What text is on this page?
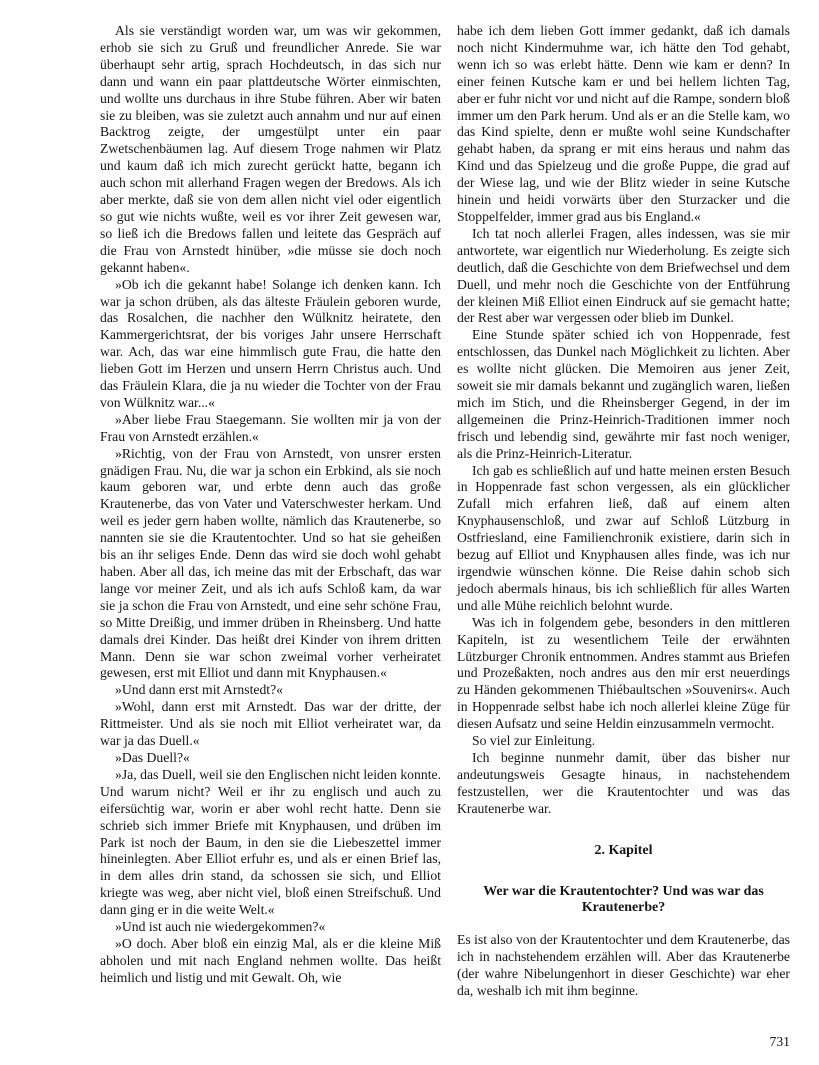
Als sie verständigt worden war, um was wir gekommen, erhob sie sich zu Gruß und freundlicher Anrede. Sie war überhaupt sehr artig, sprach Hochdeutsch, in das sich nur dann und wann ein paar plattdeutsche Wörter einmischten, und wollte uns durchaus in ihre Stube führen. Aber wir baten sie zu bleiben, was sie zuletzt auch annahm und nur auf einen Backtrog zeigte, der umgestülpt unter ein paar Zwetschenbäumen lag. Auf diesem Troge nahmen wir Platz und kaum daß ich mich zurecht gerückt hatte, begann ich auch schon mit allerhand Fragen wegen der Bredows. Als ich aber merkte, daß sie von dem allen nicht viel oder eigentlich so gut wie nichts wußte, weil es vor ihrer Zeit gewesen war, so ließ ich die Bredows fallen und leitete das Gespräch auf die Frau von Arnstedt hinüber, »die müsse sie doch noch gekannt haben«.

»Ob ich die gekannt habe! Solange ich denken kann. Ich war ja schon drüben, als das älteste Fräulein geboren wurde, das Rosalchen, die nachher den Wülknitz heiratete, den Kammergerichtsrat, der bis voriges Jahr unsere Herrschaft war. Ach, das war eine himmlisch gute Frau, die hatte den lieben Gott im Herzen und unsern Herrn Christus auch. Und das Fräulein Klara, die ja nu wieder die Tochter von der Frau von Wülknitz war...«

»Aber liebe Frau Staegemann. Sie wollten mir ja von der Frau von Arnstedt erzählen.«

»Richtig, von der Frau von Arnstedt, von unsrer ersten gnädigen Frau. Nu, die war ja schon ein Erbkind, als sie noch kaum geboren war, und erbte denn auch das große Krautenerbe, das von Vater und Vaterschwester herkam. Und weil es jeder gern haben wollte, nämlich das Krautenerbe, so nannten sie sie die Krautentochter. Und so hat sie geheißen bis an ihr seliges Ende. Denn das wird sie doch wohl gehabt haben. Aber all das, ich meine das mit der Erbschaft, das war lange vor meiner Zeit, und als ich aufs Schloß kam, da war sie ja schon die Frau von Arnstedt, und eine sehr schöne Frau, so Mitte Dreißig, und immer drüben in Rheinsberg. Und hatte damals drei Kinder. Das heißt drei Kinder von ihrem dritten Mann. Denn sie war schon zweimal vorher verheiratet gewesen, erst mit Elliot und dann mit Knyphausen.«

»Und dann erst mit Arnstedt?«

»Wohl, dann erst mit Arnstedt. Das war der dritte, der Rittmeister. Und als sie noch mit Elliot verheiratet war, da war ja das Duell.«

»Das Duell?«

»Ja, das Duell, weil sie den Englischen nicht leiden konnte. Und warum nicht? Weil er ihr zu englisch und auch zu eifersüchtig war, worin er aber wohl recht hatte. Denn sie schrieb sich immer Briefe mit Knyphausen, und drüben im Park ist noch der Baum, in den sie die Liebeszettel immer hineinlegten. Aber Elliot erfuhr es, und als er einen Brief las, in dem alles drin stand, da schossen sie sich, und Elliot kriegte was weg, aber nicht viel, bloß einen Streifschuß. Und dann ging er in die weite Welt.«

»Und ist auch nie wiedergekommen?«

»O doch. Aber bloß ein einzig Mal, als er die kleine Miß abholen und mit nach England nehmen wollte. Das heißt heimlich und listig und mit Gewalt. Oh, wie

habe ich dem lieben Gott immer gedankt, daß ich damals noch nicht Kindermuhme war, ich hätte den Tod gehabt, wenn ich so was erlebt hätte. Denn wie kam er denn? In einer feinen Kutsche kam er und bei hellem lichten Tag, aber er fuhr nicht vor und nicht auf die Rampe, sondern bloß immer um den Park herum. Und als er an die Stelle kam, wo das Kind spielte, denn er mußte wohl seine Kundschafter gehabt haben, da sprang er mit eins heraus und nahm das Kind und das Spielzeug und die große Puppe, die grad auf der Wiese lag, und wie der Blitz wieder in seine Kutsche hinein und heidi vorwärts über den Sturzacker und die Stoppelfelder, immer grad aus bis England.«

Ich tat noch allerlei Fragen, alles indessen, was sie mir antwortete, war eigentlich nur Wiederholung. Es zeigte sich deutlich, daß die Geschichte von dem Briefwechsel und dem Duell, und mehr noch die Geschichte von der Entführung der kleinen Miß Elliot einen Eindruck auf sie gemacht hatte; der Rest aber war vergessen oder blieb im Dunkel.

Eine Stunde später schied ich von Hoppenrade, fest entschlossen, das Dunkel nach Möglichkeit zu lichten. Aber es wollte nicht glücken. Die Memoiren aus jener Zeit, soweit sie mir damals bekannt und zugänglich waren, ließen mich im Stich, und die Rheinsberger Gegend, in der im allgemeinen die Prinz-Heinrich-Traditionen immer noch frisch und lebendig sind, gewährte mir fast noch weniger, als die Prinz-Heinrich-Literatur.

Ich gab es schließlich auf und hatte meinen ersten Besuch in Hoppenrade fast schon vergessen, als ein glücklicher Zufall mich erfahren ließ, daß auf einem alten Knyphausenschloß, und zwar auf Schloß Lützburg in Ostfriesland, eine Familienchronik existiere, darin sich in bezug auf Elliot und Knyphausen alles finde, was ich nur irgendwie wünschen könne. Die Reise dahin schob sich jedoch abermals hinaus, bis ich schließlich für alles Warten und alle Mühe reichlich belohnt wurde.

Was ich in folgendem gebe, besonders in den mittleren Kapiteln, ist zu wesentlichem Teile der erwähnten Lützburger Chronik entnommen. Andres stammt aus Briefen und Prozeßakten, noch andres aus den mir erst neuerdings zu Händen gekommenen Thiébaultschen »Souvenirs«. Auch in Hoppenrade selbst habe ich noch allerlei kleine Züge für diesen Aufsatz und seine Heldin einzusammeln vermocht.

So viel zur Einleitung.

Ich beginne nunmehr damit, über das bisher nur andeutungsweis Gesagte hinaus, in nachstehendem festzustellen, wer die Krautentochter und was das Krautenerbe war.

2. Kapitel
Wer war die Krautentochter? Und was war das Krautenerbe?

Es ist also von der Krautentochter und dem Krautenerbe, das ich in nachstehendem erzählen will. Aber das Krautenerbe (der wahre Nibelungenhort in dieser Geschichte) war eher da, weshalb ich mit ihm beginne.

731
